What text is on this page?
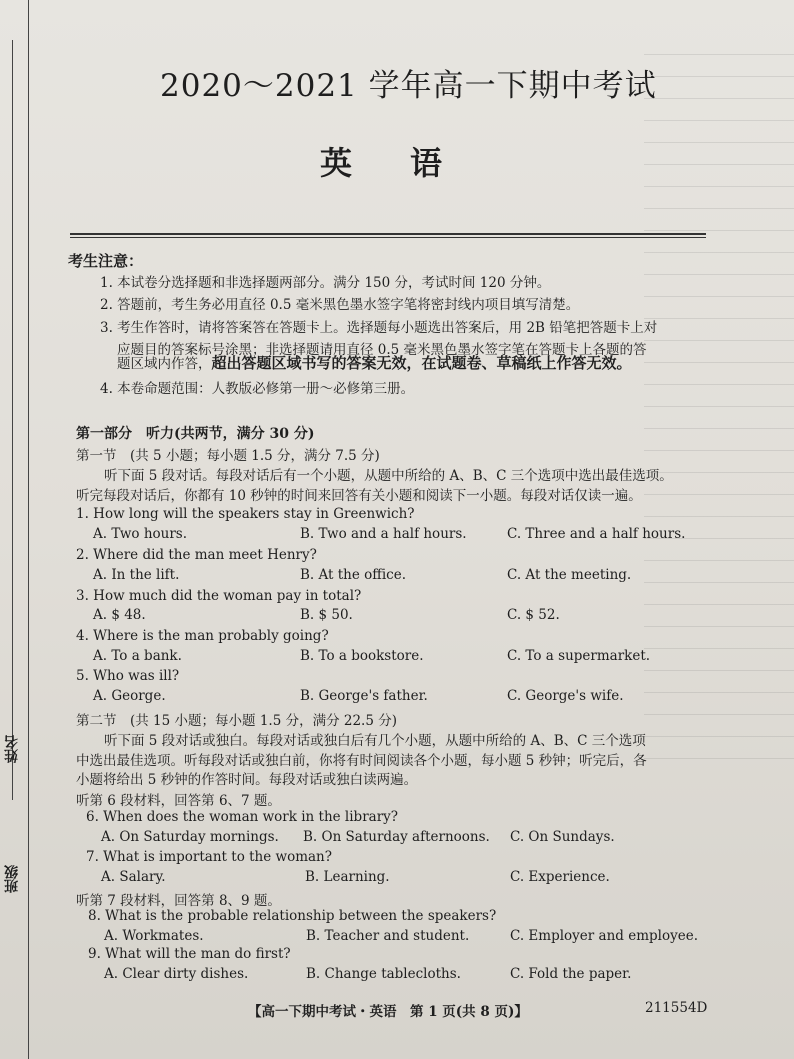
姓名
班级
2020～2021 学年高一下期中考试
英语
考生注意：
1. 本试卷分选择题和非选择题两部分。满分 150 分，考试时间 120 分钟。
2. 答题前，考生务必用直径 0.5 毫米黑色墨水签字笔将密封线内项目填写清楚。
3. 考生作答时，请将答案答在答题卡上。选择题每小题选出答案后，用 2B 铅笔把答题卡上对
应题目的答案标号涂黑；非选择题请用直径 0.5 毫米黑色墨水签字笔在答题卡上各题的答
题区域内作答，超出答题区域书写的答案无效，在试题卷、草稿纸上作答无效。
4. 本卷命题范围：人教版必修第一册～必修第三册。
第一部分　听力(共两节，满分 30 分)
第一节　(共 5 小题；每小题 1.5 分，满分 7.5 分)
听下面 5 段对话。每段对话后有一个小题，从题中所给的 A、B、C 三个选项中选出最佳选项。
听完每段对话后，你都有 10 秒钟的时间来回答有关小题和阅读下一小题。每段对话仅读一遍。
1. How long will the speakers stay in Greenwich?
A. Two hours.	B. Two and a half hours.	C. Three and a half hours.
2. Where did the man meet Henry?
A. In the lift.	B. At the office.	C. At the meeting.
3. How much did the woman pay in total?
A. $ 48.	B. $ 50.	C. $ 52.
4. Where is the man probably going?
A. To a bank.	B. To a bookstore.	C. To a supermarket.
5. Who was ill?
A. George.	B. George's father.	C. George's wife.
第二节　(共 15 小题；每小题 1.5 分，满分 22.5 分)
听下面 5 段对话或独白。每段对话或独白后有几个小题，从题中所给的 A、B、C 三个选项
中选出最佳选项。听每段对话或独白前，你将有时间阅读各个小题，每小题 5 秒钟；听完后，各
小题将给出 5 秒钟的作答时间。每段对话或独白读两遍。
听第 6 段材料，回答第 6、7 题。
6. When does the woman work in the library?
A. On Saturday mornings. B. On Saturday afternoons. C. On Sundays.
7. What is important to the woman?
A. Salary.	B. Learning.	C. Experience.
听第 7 段材料，回答第 8、9 题。
8. What is the probable relationship between the speakers?
A. Workmates.	B. Teacher and student.	C. Employer and employee.
9. What will the man do first?
A. Clear dirty dishes.	B. Change tablecloths.	C. Fold the paper.
【高一下期中考试・英语　第 1 页(共 8 页)】	211554D
